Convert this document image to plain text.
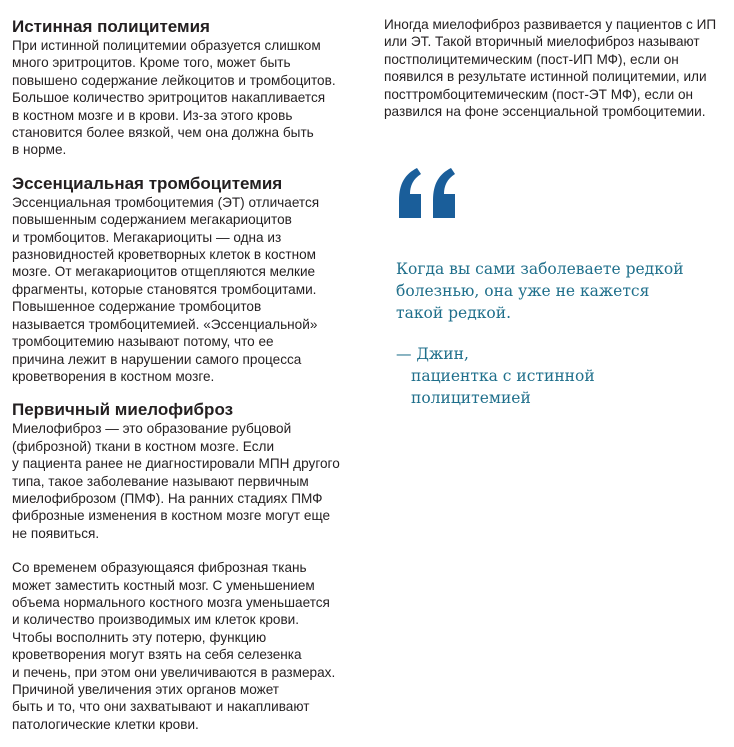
Истинная полицитемия
При истинной полицитемии образуется слишком
много эритроцитов. Кроме того, может быть
повышено содержание лейкоцитов и тромбоцитов.
Большое количество эритроцитов накапливается
в костном мозге и в крови. Из-за этого кровь
становится более вязкой, чем она должна быть
в норме.
Эссенциальная тромбоцитемия
Эссенциальная тромбоцитемия (ЭТ) отличается
повышенным содержанием мегакариоцитов
и тромбоцитов. Мегакариоциты — одна из
разновидностей кроветворных клеток в костном
мозге. От мегакариоцитов отщепляются мелкие
фрагменты, которые становятся тромбоцитами.
Повышенное содержание тромбоцитов
называется тромбоцитемией. «Эссенциальной»
тромбоцитемию называют потому, что ее
причина лежит в нарушении самого процесса
кроветворения в костном мозге.
Первичный миелофиброз
Миелофиброз — это образование рубцовой
(фиброзной) ткани в костном мозге. Если
у пациента ранее не диагностировали МПН другого
типа, такое заболевание называют первичным
миелофиброзом (ПМФ). На ранних стадиях ПМФ
фиброзные изменения в костном мозге могут еще
не появиться.
Со временем образующаяся фиброзная ткань
может заместить костный мозг. С уменьшением
объема нормального костного мозга уменьшается
и количество производимых им клеток крови.
Чтобы восполнить эту потерю, функцию
кроветворения могут взять на себя селезенка
и печень, при этом они увеличиваются в размерах.
Причиной увеличения этих органов может
быть и то, что они захватывают и накапливают
патологические клетки крови.
Иногда миелофиброз развивается у пациентов с ИП
или ЭТ. Такой вторичный миелофиброз называют
постполицитемическим (пост-ИП МФ), если он
появился в результате истинной полицитемии, или
посттромбоцитемическим (пост-ЭТ МФ), если он
развился на фоне эссенциальной тромбоцитемии.
Когда вы сами заболеваете редкой
болезнью, она уже не кажется
такой редкой.
— Джин,
пациентка с истинной
полицитемией
